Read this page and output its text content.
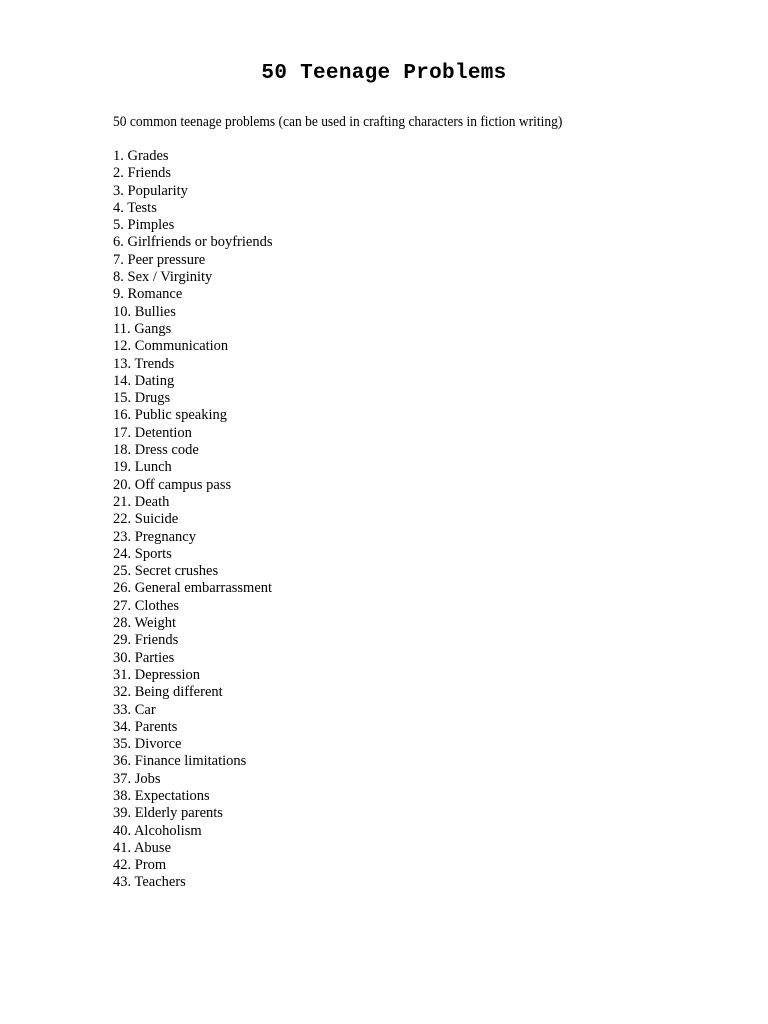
50 Teenage Problems

50 common teenage problems (can be used in crafting characters in fiction writing)

1. Grades
2. Friends
3. Popularity
4. Tests
5. Pimples
6. Girlfriends or boyfriends
7. Peer pressure
8. Sex / Virginity
9. Romance
10. Bullies
11. Gangs
12. Communication
13. Trends
14. Dating
15. Drugs
16. Public speaking
17. Detention
18. Dress code
19. Lunch
20. Off campus pass
21. Death
22. Suicide
23. Pregnancy
24. Sports
25. Secret crushes
26. General embarrassment
27. Clothes
28. Weight
29. Friends
30. Parties
31. Depression
32. Being different
33. Car
34. Parents
35. Divorce
36. Finance limitations
37. Jobs
38. Expectations
39. Elderly parents
40. Alcoholism
41. Abuse
42. Prom
43. Teachers
